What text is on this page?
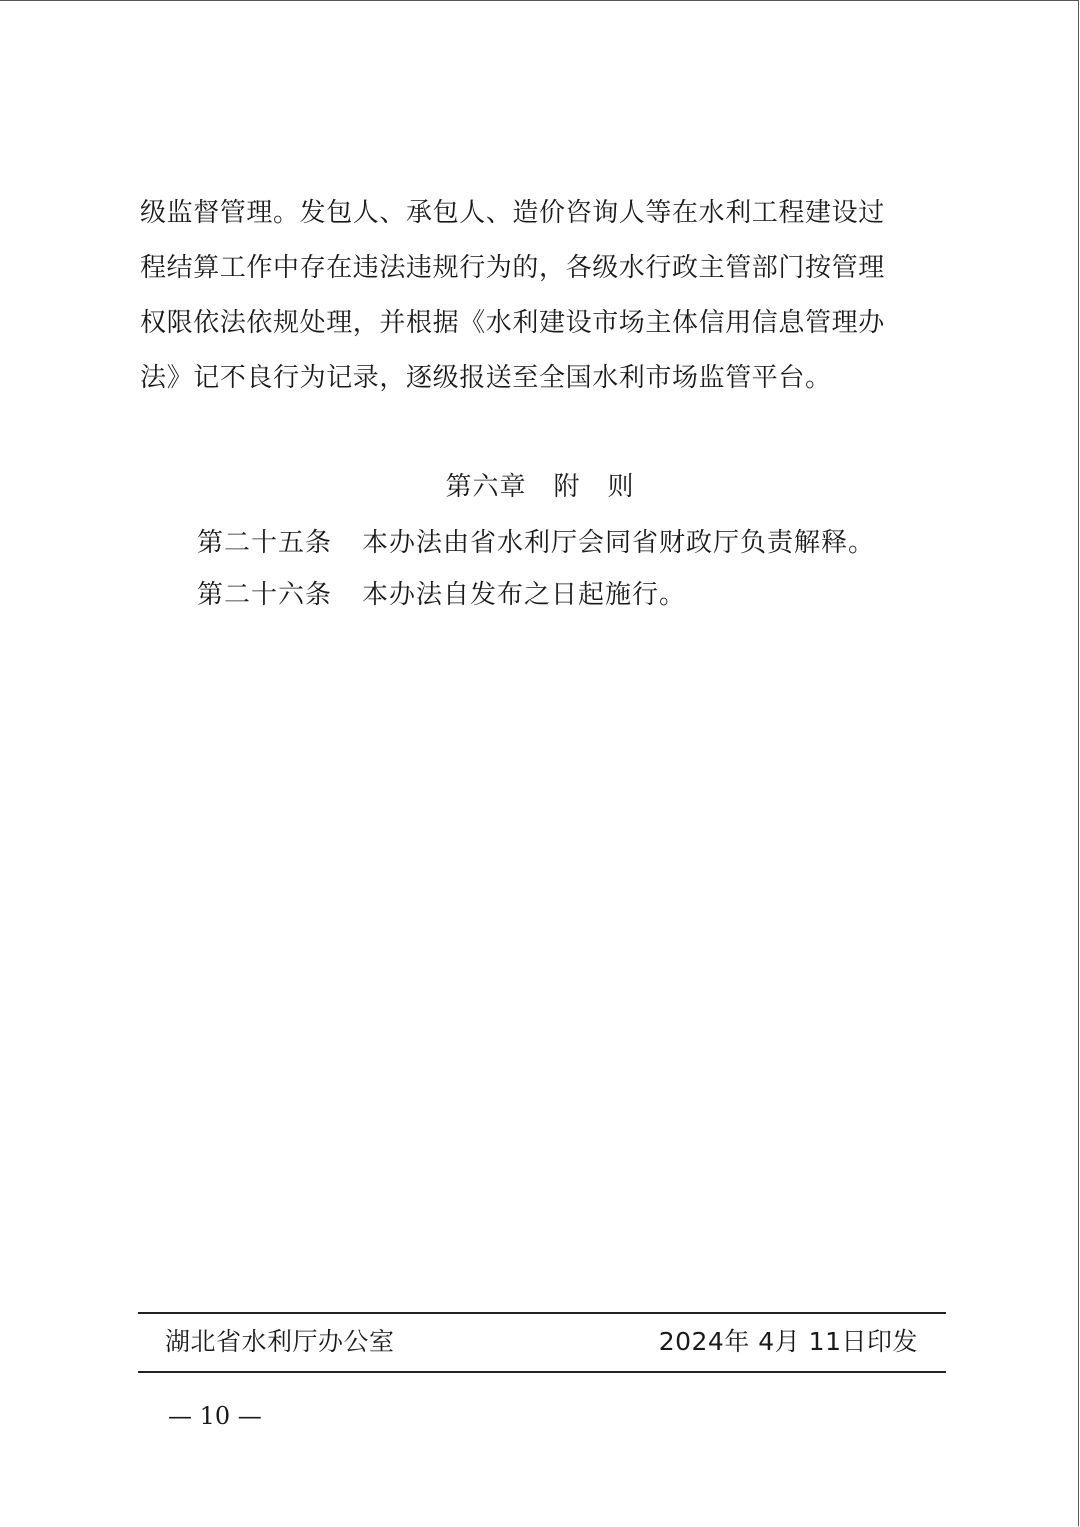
级监督管理。发包人、承包人、造价咨询人等在水利工程建设过
程结算工作中存在违法违规行为的，各级水行政主管部门按管理
权限依法依规处理，并根据《水利建设市场主体信用信息管理办
法》记不良行为记录，逐级报送至全国水利市场监管平台。
第六章　 附　则
第二十五条 本办法由省水利厅会同省财政厅负责解释。
第二十六条 本办法自发布之日起施行。
湖北省水利厅办公室	2024年 4月 11日印发
— 10 —
